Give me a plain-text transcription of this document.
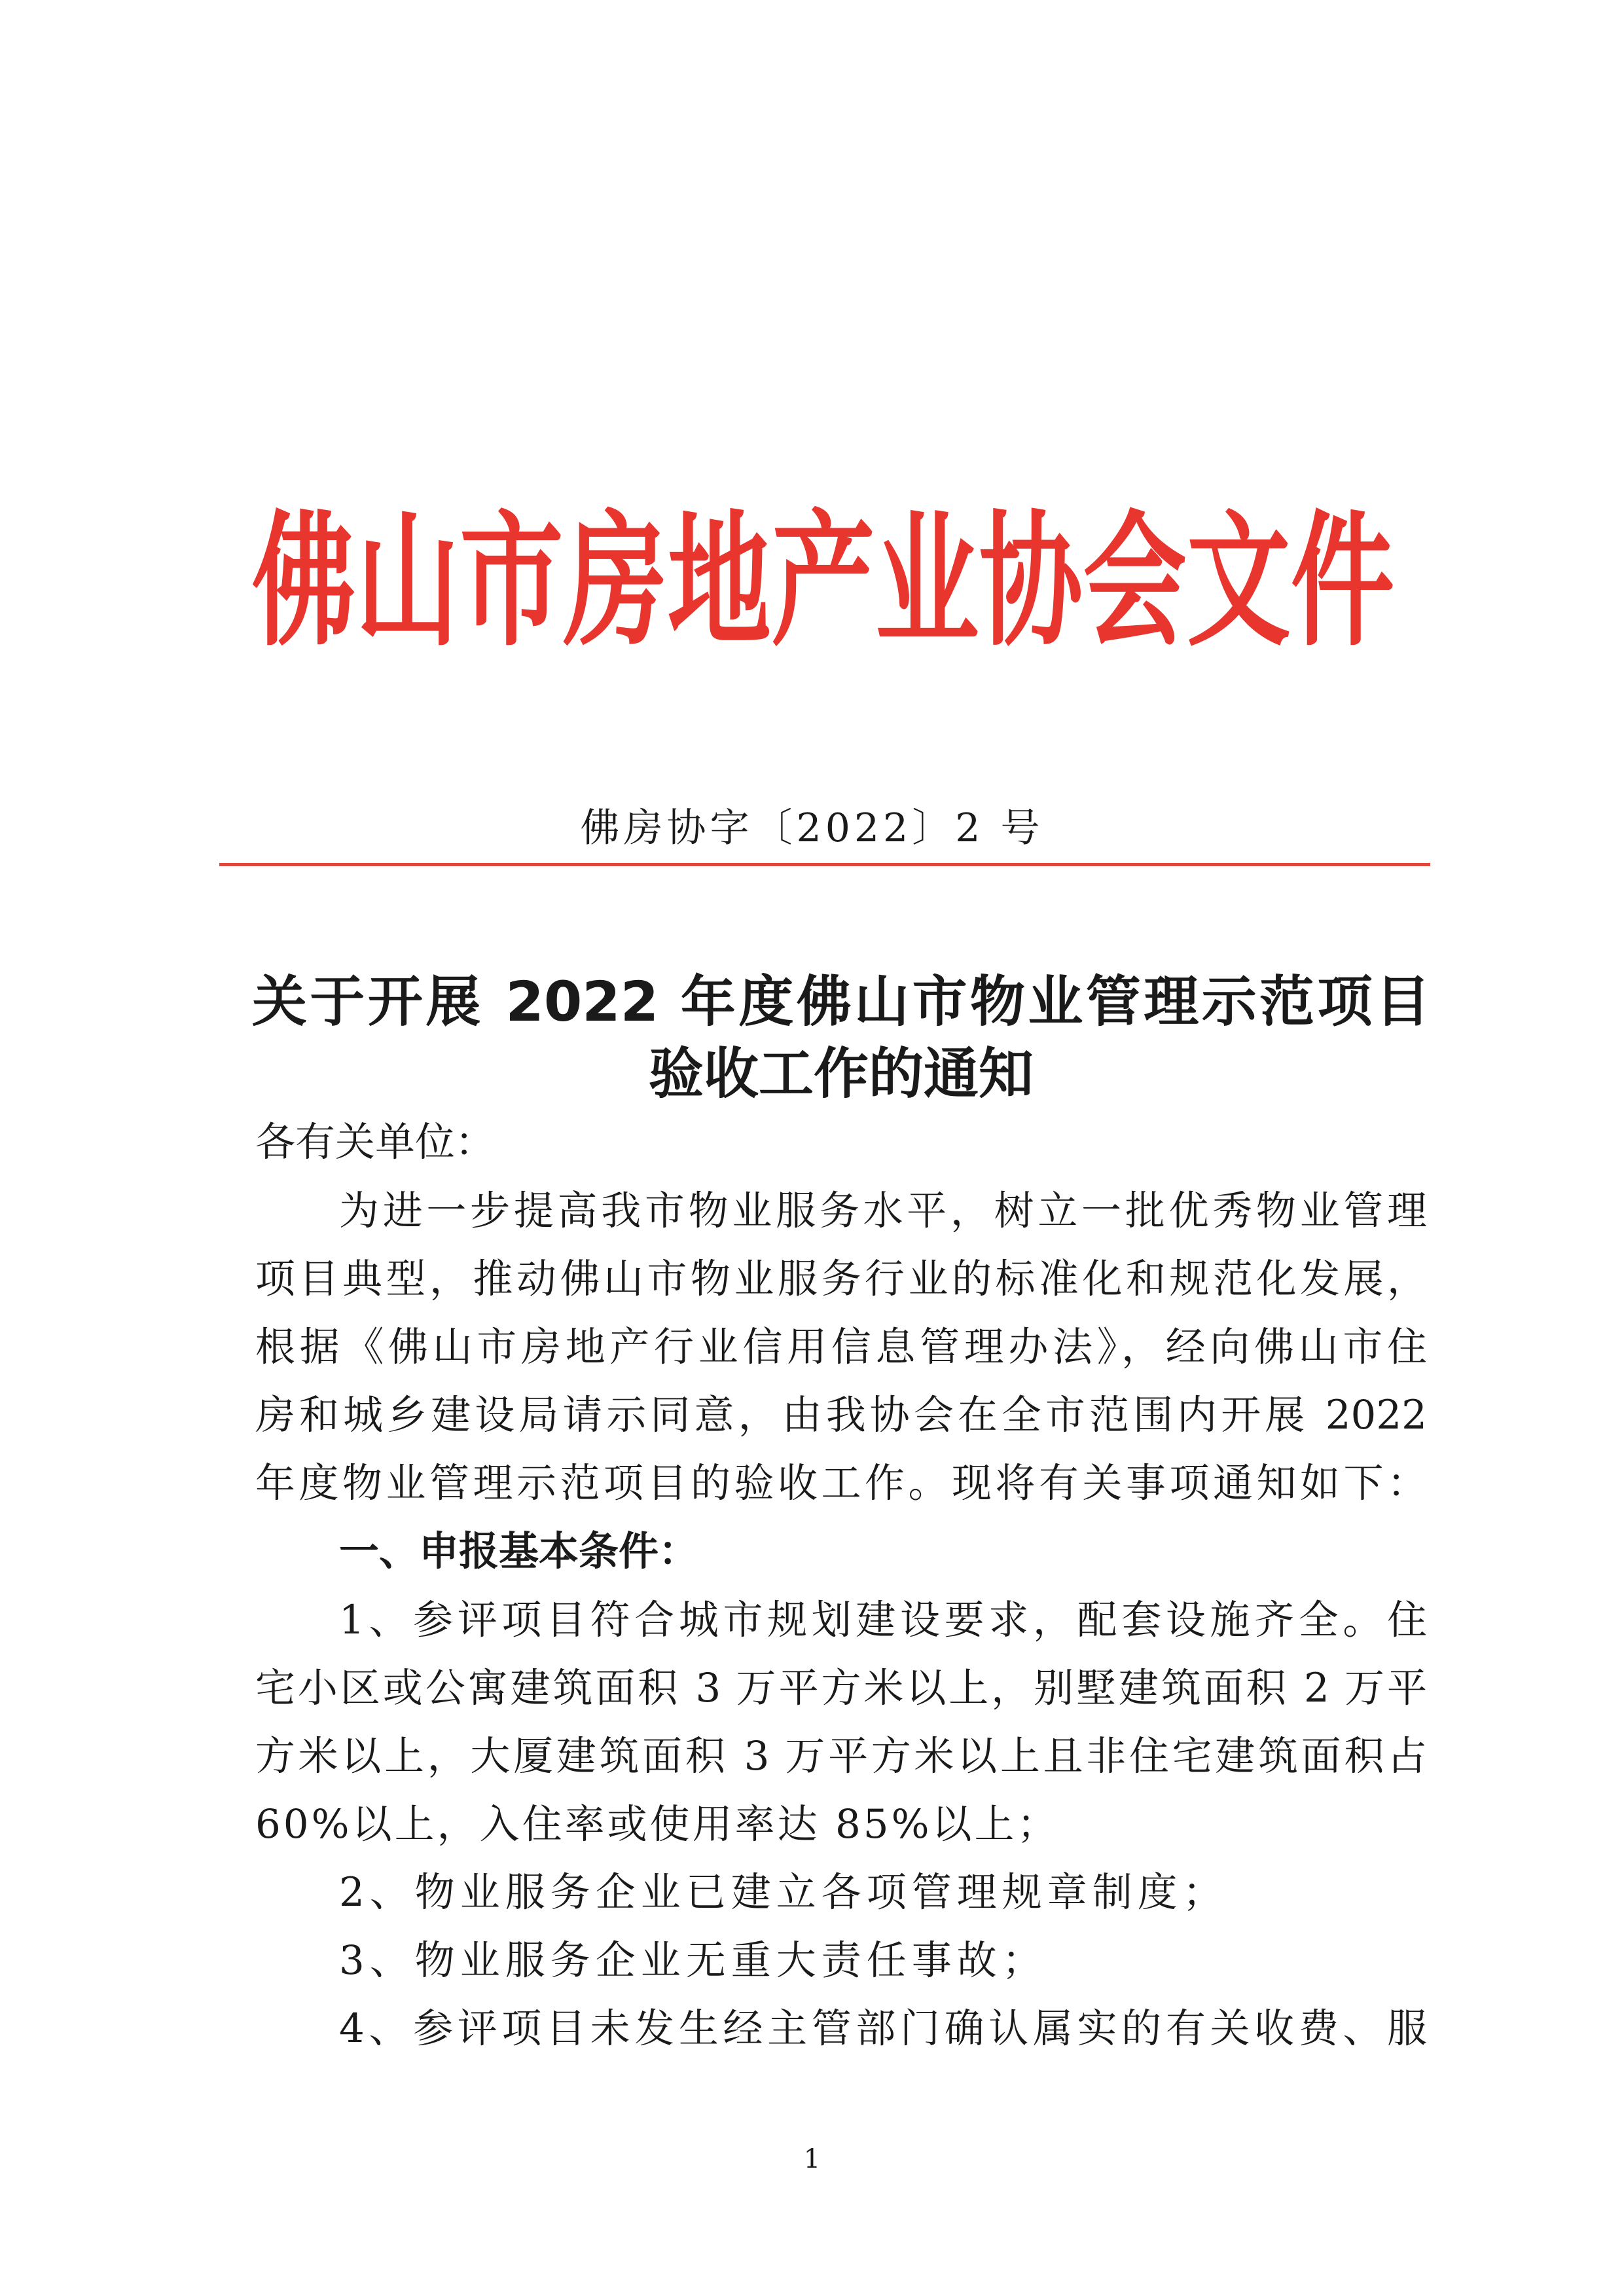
佛山市房地产业协会文件
佛房协字〔2022〕2 号
关于开展 2022 年度佛山市物业管理示范项目
验收工作的通知
各有关单位：
为进一步提高我市物业服务水平，树立一批优秀物业管理
项目典型，推动佛山市物业服务行业的标准化和规范化发展，
根据《佛山市房地产行业信用信息管理办法》，经向佛山市住
房和城乡建设局请示同意，由我协会在全市范围内开展 2022
年度物业管理示范项目的验收工作。现将有关事项通知如下：
一、申报基本条件：
1、参评项目符合城市规划建设要求，配套设施齐全。住
宅小区或公寓建筑面积 3 万平方米以上，别墅建筑面积 2 万平
方米以上，大厦建筑面积 3 万平方米以上且非住宅建筑面积占
60%以上，入住率或使用率达 85%以上；
2、物业服务企业已建立各项管理规章制度；
3、物业服务企业无重大责任事故；
4、参评项目未发生经主管部门确认属实的有关收费、服
1
